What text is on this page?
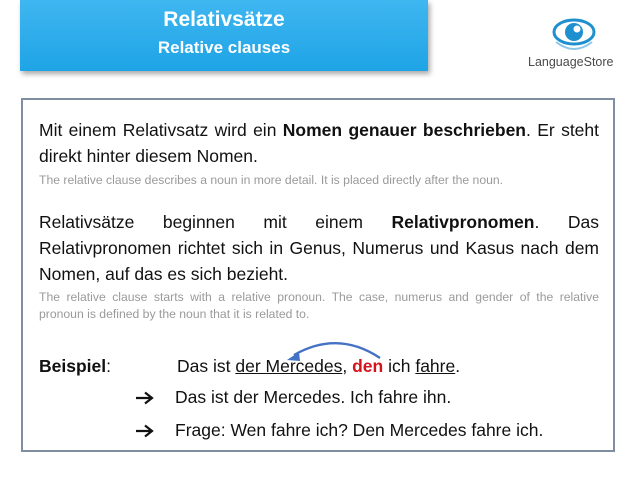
Relativsätze
Relative clauses
LanguageStore
Mit einem Relativsatz wird ein Nomen genauer beschrieben. Er steht direkt hinter diesem Nomen.
The relative clause describes a noun in more detail. It is placed directly after the noun.
Relativsätze beginnen mit einem Relativpronomen. Das Relativpronomen richtet sich in Genus, Numerus und Kasus nach dem Nomen, auf das es sich bezieht.
The relative clause starts with a relative pronoun. The case, numerus and gender of the relative pronoun is defined by the noun that it is related to.
Beispiel:	Das ist der Mercedes, den ich fahre.
Das ist der Mercedes. Ich fahre ihn.
Frage: Wen fahre ich? Den Mercedes fahre ich.
